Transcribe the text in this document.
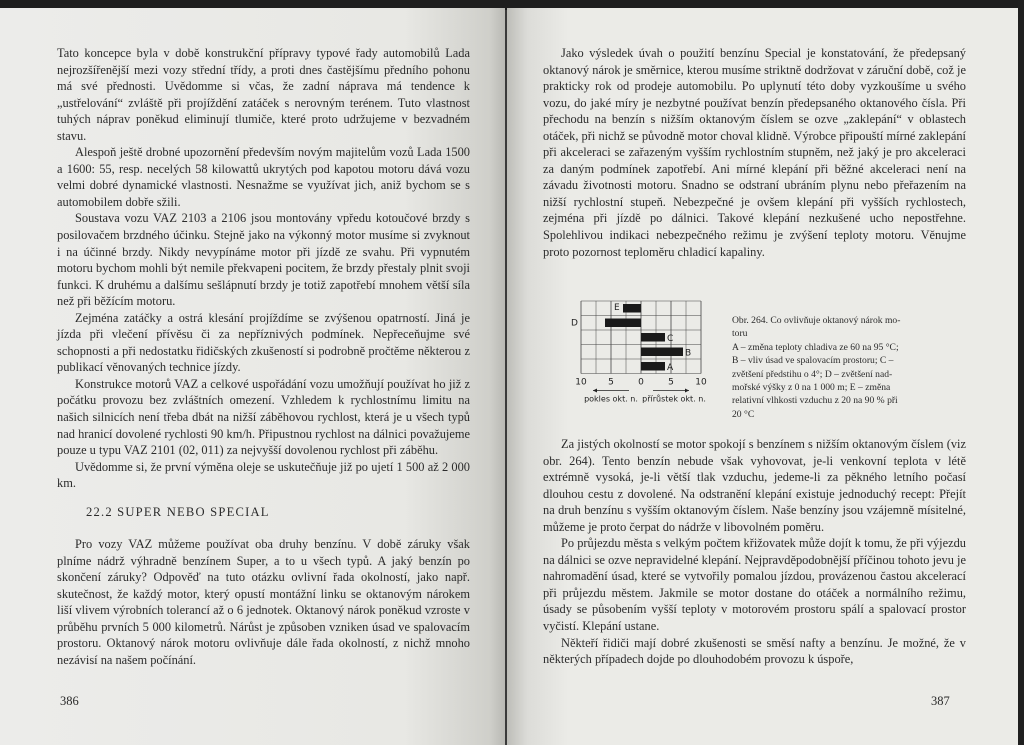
Tato koncepce byla v době konstrukční přípravy typové řady automobilů Lada nejrozšířenější mezi vozy střední třídy, a proti dnes častějšímu předního pohonu má své přednosti. Uvědomme si včas, že zadní náprava má tendence k „ustřelování“ zvláště při projíždění zatáček s nerovným terénem. Tuto vlastnost tuhých náprav poněkud eliminují tlumiče, které proto udržujeme v bezvadném stavu.

Alespoň ještě drobné upozornění především novým majitelům vozů Lada 1500 a 1600: 55, resp. necelých 58 kilowattů ukrytých pod kapotou motoru dává vozu velmi dobré dynamické vlastnosti. Nesnažme se využívat jich, aniž bychom se s automobilem dobře sžili.

Soustava vozu VAZ 2103 a 2106 jsou montovány vpředu kotoučové brzdy s posilovačem brzdného účinku. Stejně jako na výkonný motor musíme si zvyknout i na účinné brzdy. Nikdy nevypínáme motor při jízdě ze svahu. Při vypnutém motoru bychom mohli být nemile překvapeni pocitem, že brzdy přestaly plnit svoji funkci. K druhému a dalšímu sešlápnutí brzdy je totiž zapotřebí mnohem větší síla než při běžícím motoru.

Zejména zatáčky a ostrá klesání projíždíme se zvýšenou opatrností. Jiná je jízda při vlečení přívěsu či za nepříznivých podmínek. Nepřeceňujme své schopnosti a při nedostatku řidičských zkušeností si podrobně pročtěme některou z publikací věnovaných technice jízdy.

Konstrukce motorů VAZ a celkové uspořádání vozu umožňují používat ho již z počátku provozu bez zvláštních omezení. Vzhledem k rychlostnímu limitu na našich silnicích není třeba dbát na nižší záběhovou rychlost, která je u všech typů nad hranicí dovolené rychlosti 90 km/h. Připustnou rychlost na dálnici považujeme pouze u typu VAZ 2101 (02, 011) za nejvyšší dovolenou rychlost při záběhu.

Uvědomme si, že první výměna oleje se uskutečňuje již po ujetí 1 500 až 2 000 km.

22.2 SUPER NEBO SPECIAL

Pro vozy VAZ můžeme používat oba druhy benzínu. V době záruky však plníme nádrž výhradně benzínem Super, a to u všech typů. A jaký benzín po skončení záruky? Odpověď na tuto otázku ovlivní řada okolností, jako např. skutečnost, že každý motor, který opustí montážní linku se oktanovým nárokem liší vlivem výrobních tolerancí až o 6 jednotek. Oktanový nárok poněkud vzroste v průběhu prvních 5 000 kilometrů. Nárůst je způsoben vzniken úsad ve spalovacím prostoru. Oktanový nárok motoru ovlivňuje dále řada okolností, z nichž mnoho nezávisí na našem počínání.

386

Jako výsledek úvah o použití benzínu Special je konstatování, že předepsaný oktanový nárok je směrnice, kterou musíme striktně dodržovat v záruční době, což je prakticky rok od prodeje automobilu. Po uplynutí této doby vyzkoušíme u svého vozu, do jaké míry je nezbytné používat benzín předepsaného oktanového čísla. Při přechodu na benzín s nižším oktanovým číslem se ozve „zaklepání“ v oblastech otáček, při nichž se původně motor choval klidně. Výrobce připouští mírné zaklepání při akceleraci se zařazeným vyšším rychlostním stupněm, než jaký je pro akceleraci za daným podmínek zapotřebí. Ani mírné klepání při běžné akceleraci není na závadu životnosti motoru. Snadno se odstraní ubráním plynu nebo přeřazením na nižší rychlostní stupeň. Nebezpečné je ovšem klepání při vyšších rychlostech, zejména při jízdě po dálnici. Takové klepání nezkušené ucho nepostřehne. Spolehlivou indikaci nebezpečného režimu je zvýšení teploty motoru. Věnujme proto pozornost teploměru chladicí kapaliny.

E
D
C
B
A
10 5	0	5 10
pokles okt. n. přírůstek okt. n.
Obr. 264. Co ovlivňuje oktanový nárok mo-
toru
A – změna teploty chladiva ze 60 na 95 °C;
B – vliv úsad ve spalovacím prostoru; C –
zvětšení předstihu o 4°; D – zvětšení nad-
mořské výšky z 0 na 1 000 m; E – změna
relativní vlhkosti vzduchu z 20 na 90 % při
20 °C

Za jistých okolností se motor spokojí s benzínem s nižším oktanovým číslem (viz obr. 264). Tento benzín nebude však vyhovovat, je-li venkovní teplota v létě extrémně vysoká, je-li větší tlak vzduchu, jedeme-li za pěkného letního počasí dlouhou cestu z dovolené. Na odstranění klepání existuje jednoduchý recept: Přejít na druh benzínu s vyšším oktanovým číslem. Naše benzíny jsou vzájemně mísitelné, můžeme je proto čerpat do nádrže v libovolném poměru.

Po průjezdu města s velkým počtem křižovatek může dojít k tomu, že při výjezdu na dálnici se ozve nepravidelné klepání. Nejpravděpodobnější příčinou tohoto jevu je nahromadění úsad, které se vytvořily pomalou jízdou, provázenou častou akcelerací při průjezdu městem. Jakmile se motor dostane do otáček a normálního režimu, úsady se působením vyšší teploty v motorovém prostoru spálí a spalovací prostor vyčistí. Klepání ustane.

Někteří řidiči mají dobré zkušenosti se směsí nafty a benzínu. Je možné, že v některých případech dojde po dlouhodobém provozu k úspoře,

387
